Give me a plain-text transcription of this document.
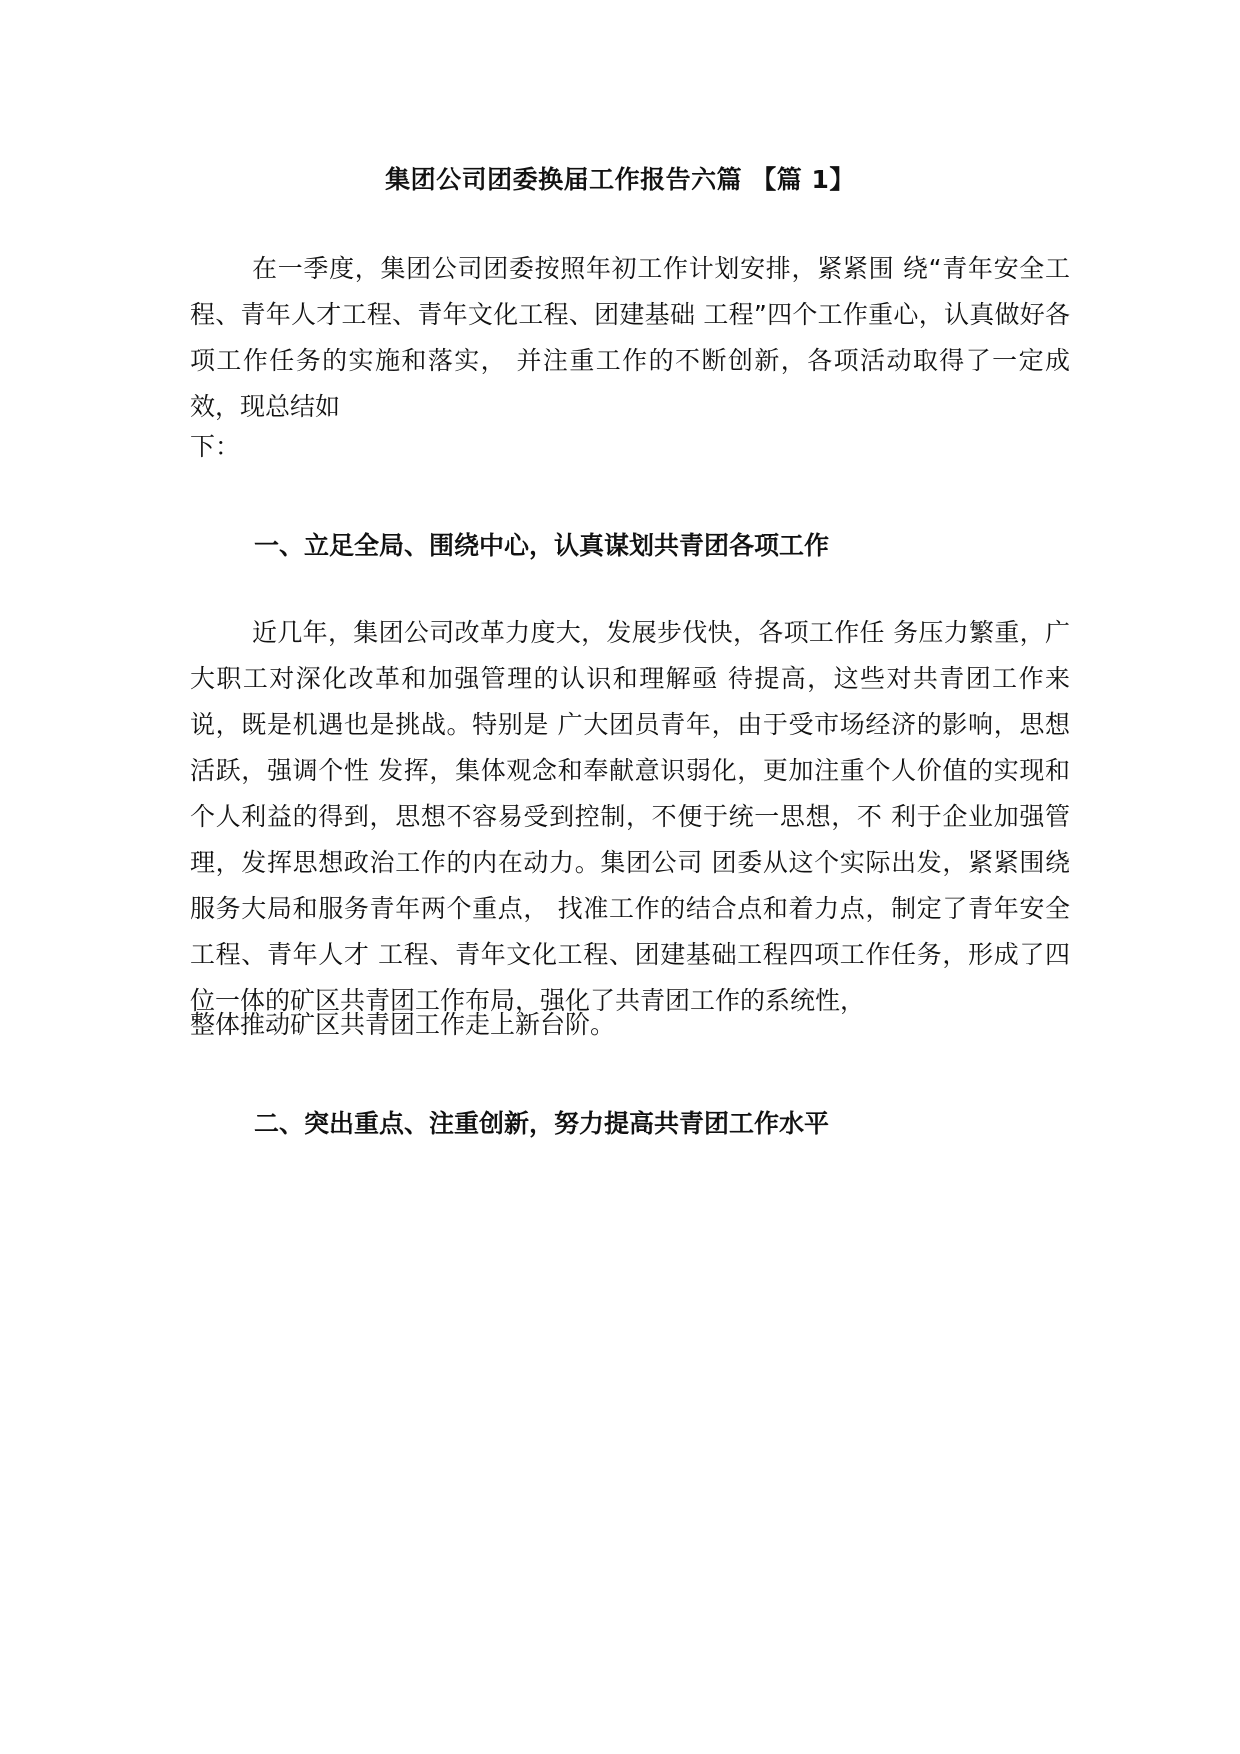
集团公司团委换届工作报告六篇 【篇 1】

在一季度，集团公司团委按照年初工作计划安排，紧紧围 绕“青年安全工程、青年人才工程、青年文化工程、团建基础 工程”四个工作重心，认真做好各项工作任务的实施和落实， 并注重工作的不断创新，各项活动取得了一定成效，现总结如

下：

一、立足全局、围绕中心，认真谋划共青团各项工作

近几年，集团公司改革力度大，发展步伐快，各项工作任 务压力繁重，广大职工对深化改革和加强管理的认识和理解亟 待提高，这些对共青团工作来说，既是机遇也是挑战。特别是 广大团员青年，由于受市场经济的影响，思想活跃，强调个性 发挥，集体观念和奉献意识弱化，更加注重个人价值的实现和 个人利益的得到，思想不容易受到控制，不便于统一思想，不 利于企业加强管理，发挥思想政治工作的内在动力。集团公司 团委从这个实际出发，紧紧围绕服务大局和服务青年两个重点， 找准工作的结合点和着力点，制定了青年安全工程、青年人才 工程、青年文化工程、团建基础工程四项工作任务，形成了四 位一体的矿区共青团工作布局，强化了共青团工作的系统性，

整体推动矿区共青团工作走上新台阶。

二、突出重点、注重创新，努力提高共青团工作水平
